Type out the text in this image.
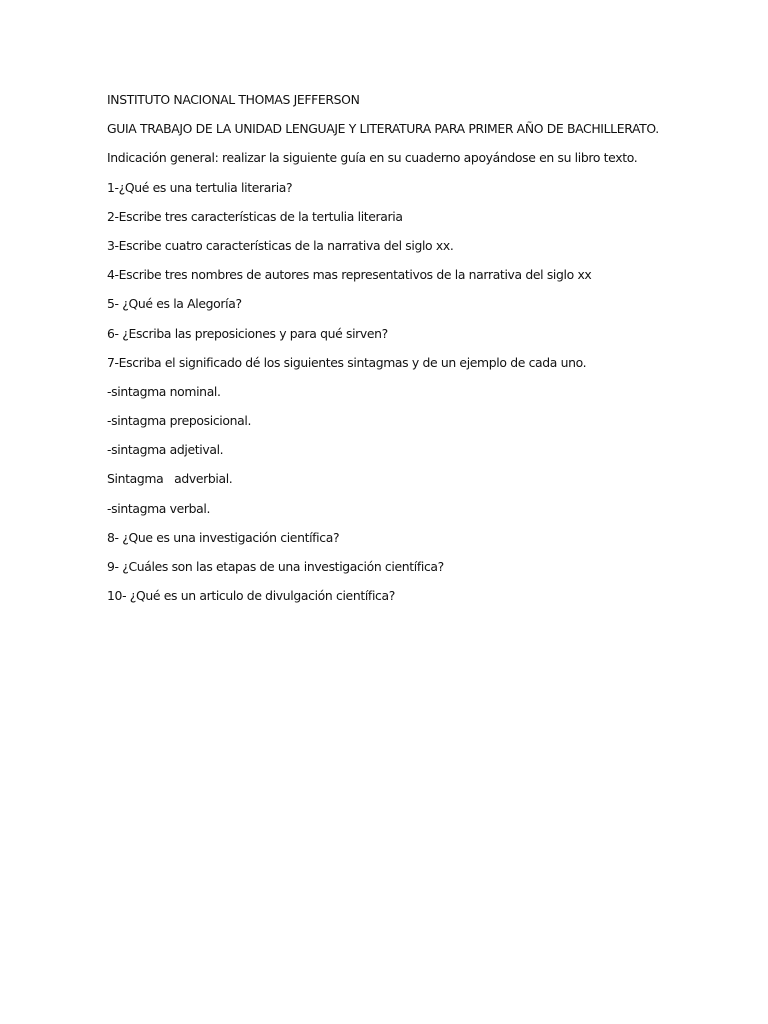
INSTITUTO NACIONAL THOMAS JEFFERSON
GUIA TRABAJO DE LA UNIDAD LENGUAJE Y LITERATURA PARA PRIMER AÑO DE BACHILLERATO.
Indicación general: realizar la siguiente guía en su cuaderno apoyándose en su libro texto.
1-¿Qué es una tertulia literaria?
2-Escribe tres características de la tertulia literaria
3-Escribe cuatro características de la narrativa del siglo xx.
4-Escribe tres nombres de autores mas representativos de la narrativa del siglo xx
5- ¿Qué es la Alegoría?
6- ¿Escriba las preposiciones y para qué sirven?
7-Escriba el significado dé los siguientes sintagmas y de un ejemplo de cada uno.
-sintagma nominal.
-sintagma preposicional.
-sintagma adjetival.
Sintagma   adverbial.
-sintagma verbal.
8- ¿Que es una investigación científica?
9- ¿Cuáles son las etapas de una investigación científica?
10- ¿Qué es un articulo de divulgación científica?
